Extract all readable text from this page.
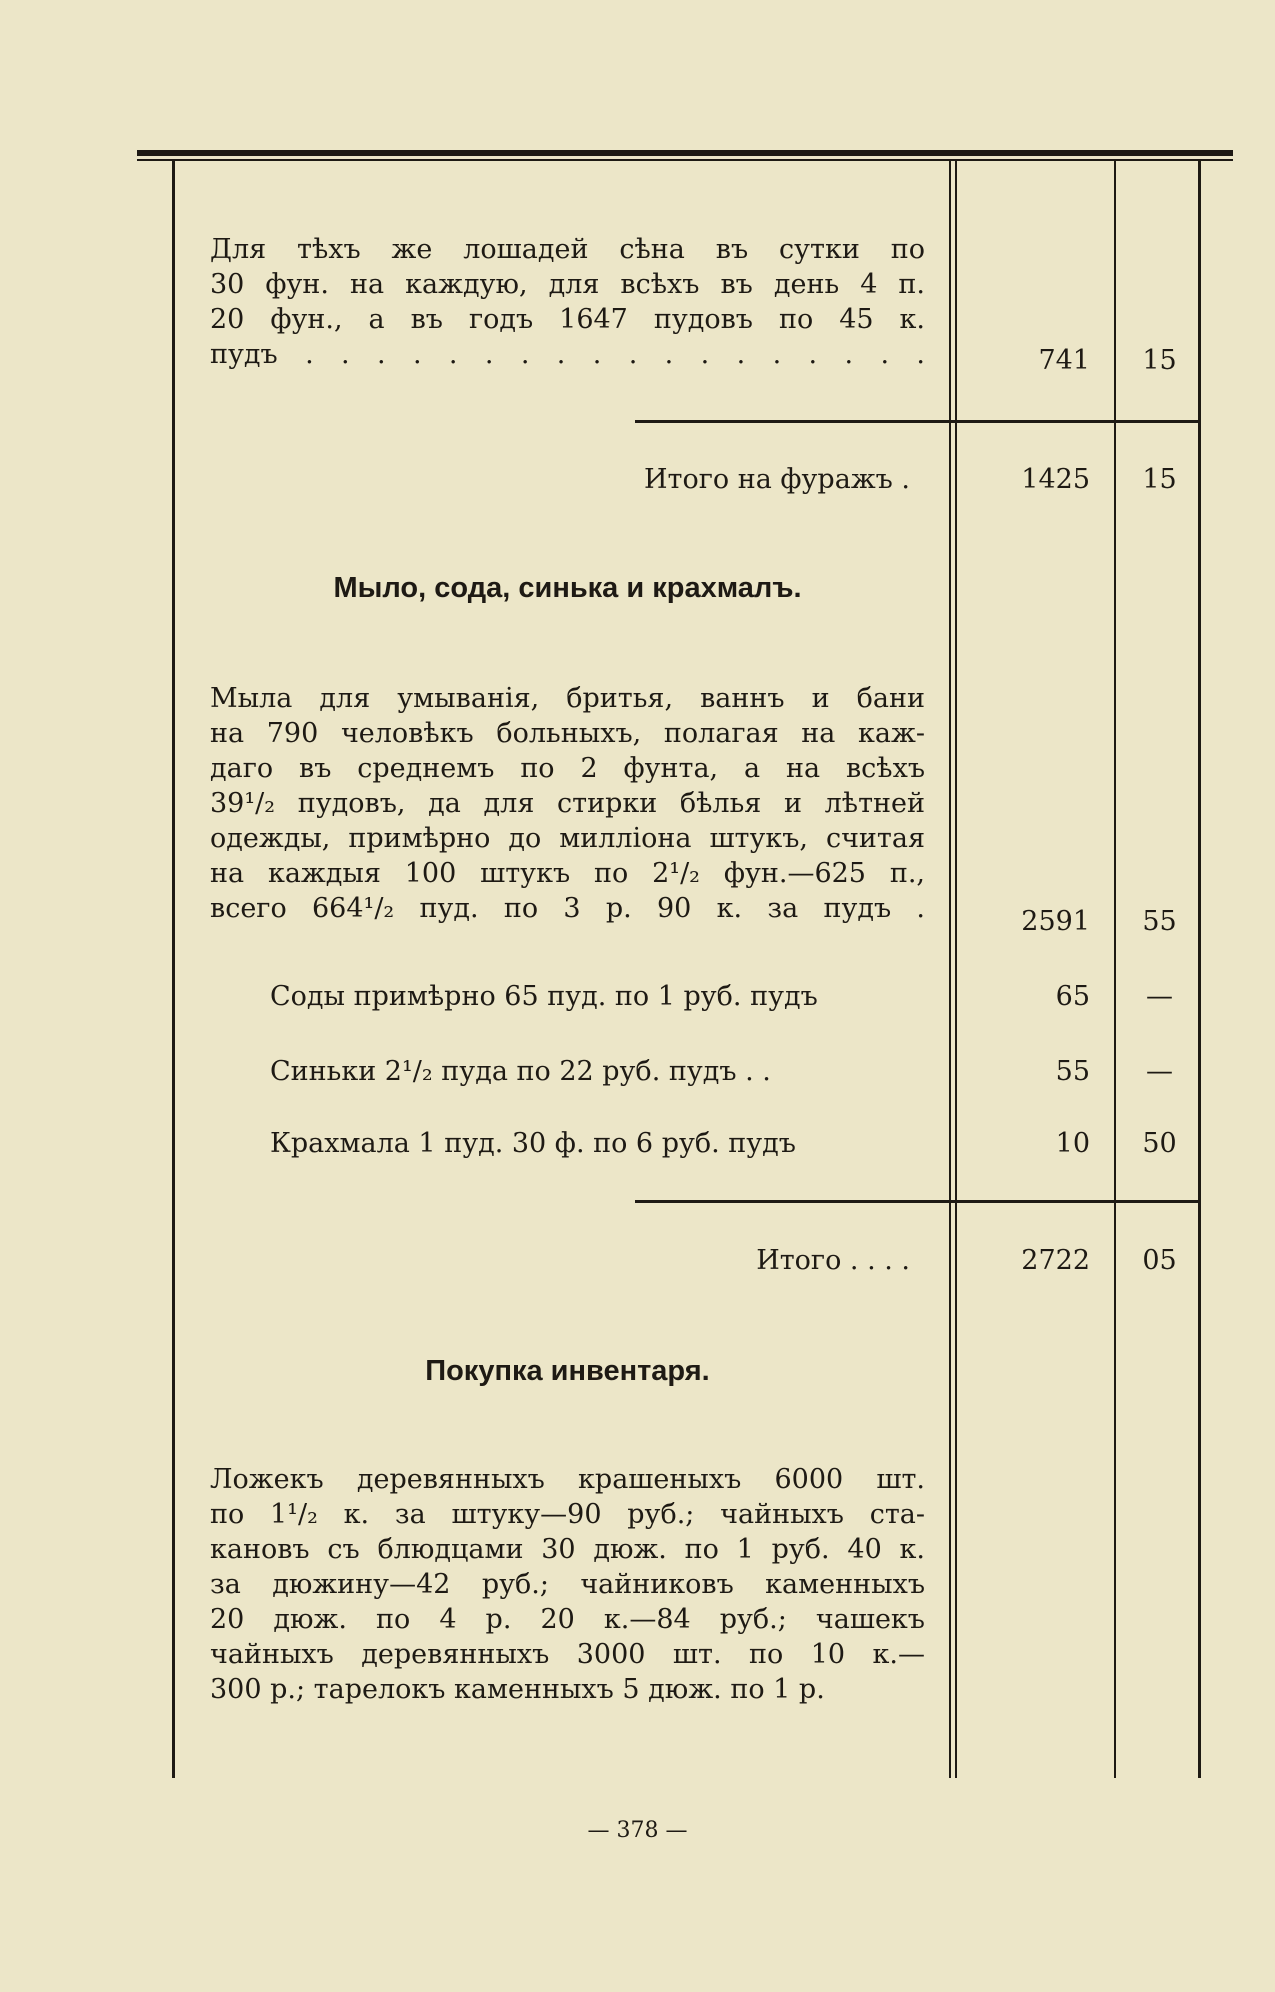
Для тѣхъ же лошадей сѣна въ сутки по
30 фун. на каждую, для всѣхъ въ день 4 п.
20 фун., а въ годъ 1647 пудовъ по 45 к.
пудъ . . . . . . . . . . . . . . . . . .	741	15
Итого на фуражъ .	1425	15
Мыло, сода, синька и крахмалъ.
Мыла для умыванія, бритья, ваннъ и бани
на 790 человѣкъ больныхъ, полагая на каж-
даго въ среднемъ по 2 фунта, а на всѣхъ
39¹/₂ пудовъ, да для стирки бѣлья и лѣтней
одежды, примѣрно до милліона штукъ, считая
на каждыя 100 штукъ по 2¹/₂ фун.—625 п.,
всего 664¹/₂ пуд. по 3 р. 90 к. за пудъ .	2591	55
Соды примѣрно 65 пуд. по 1 руб. пудъ	65	—
Синьки 2¹/₂ пуда по 22 руб. пудъ . .	55	—
Крахмала 1 пуд. 30 ф. по 6 руб. пудъ	10	50
Итого . . . .	2722	05
Покупка инвентаря.
Ложекъ деревянныхъ крашеныхъ 6000 шт.
по 1¹/₂ к. за штуку—90 руб.; чайныхъ ста-
кановъ съ блюдцами 30 дюж. по 1 руб. 40 к.
за дюжину—42 руб.; чайниковъ каменныхъ
20 дюж. по 4 р. 20 к.—84 руб.; чашекъ
чайныхъ деревянныхъ 3000 шт. по 10 к.—
300 р.; тарелокъ каменныхъ 5 дюж. по 1 р.
— 378 —
